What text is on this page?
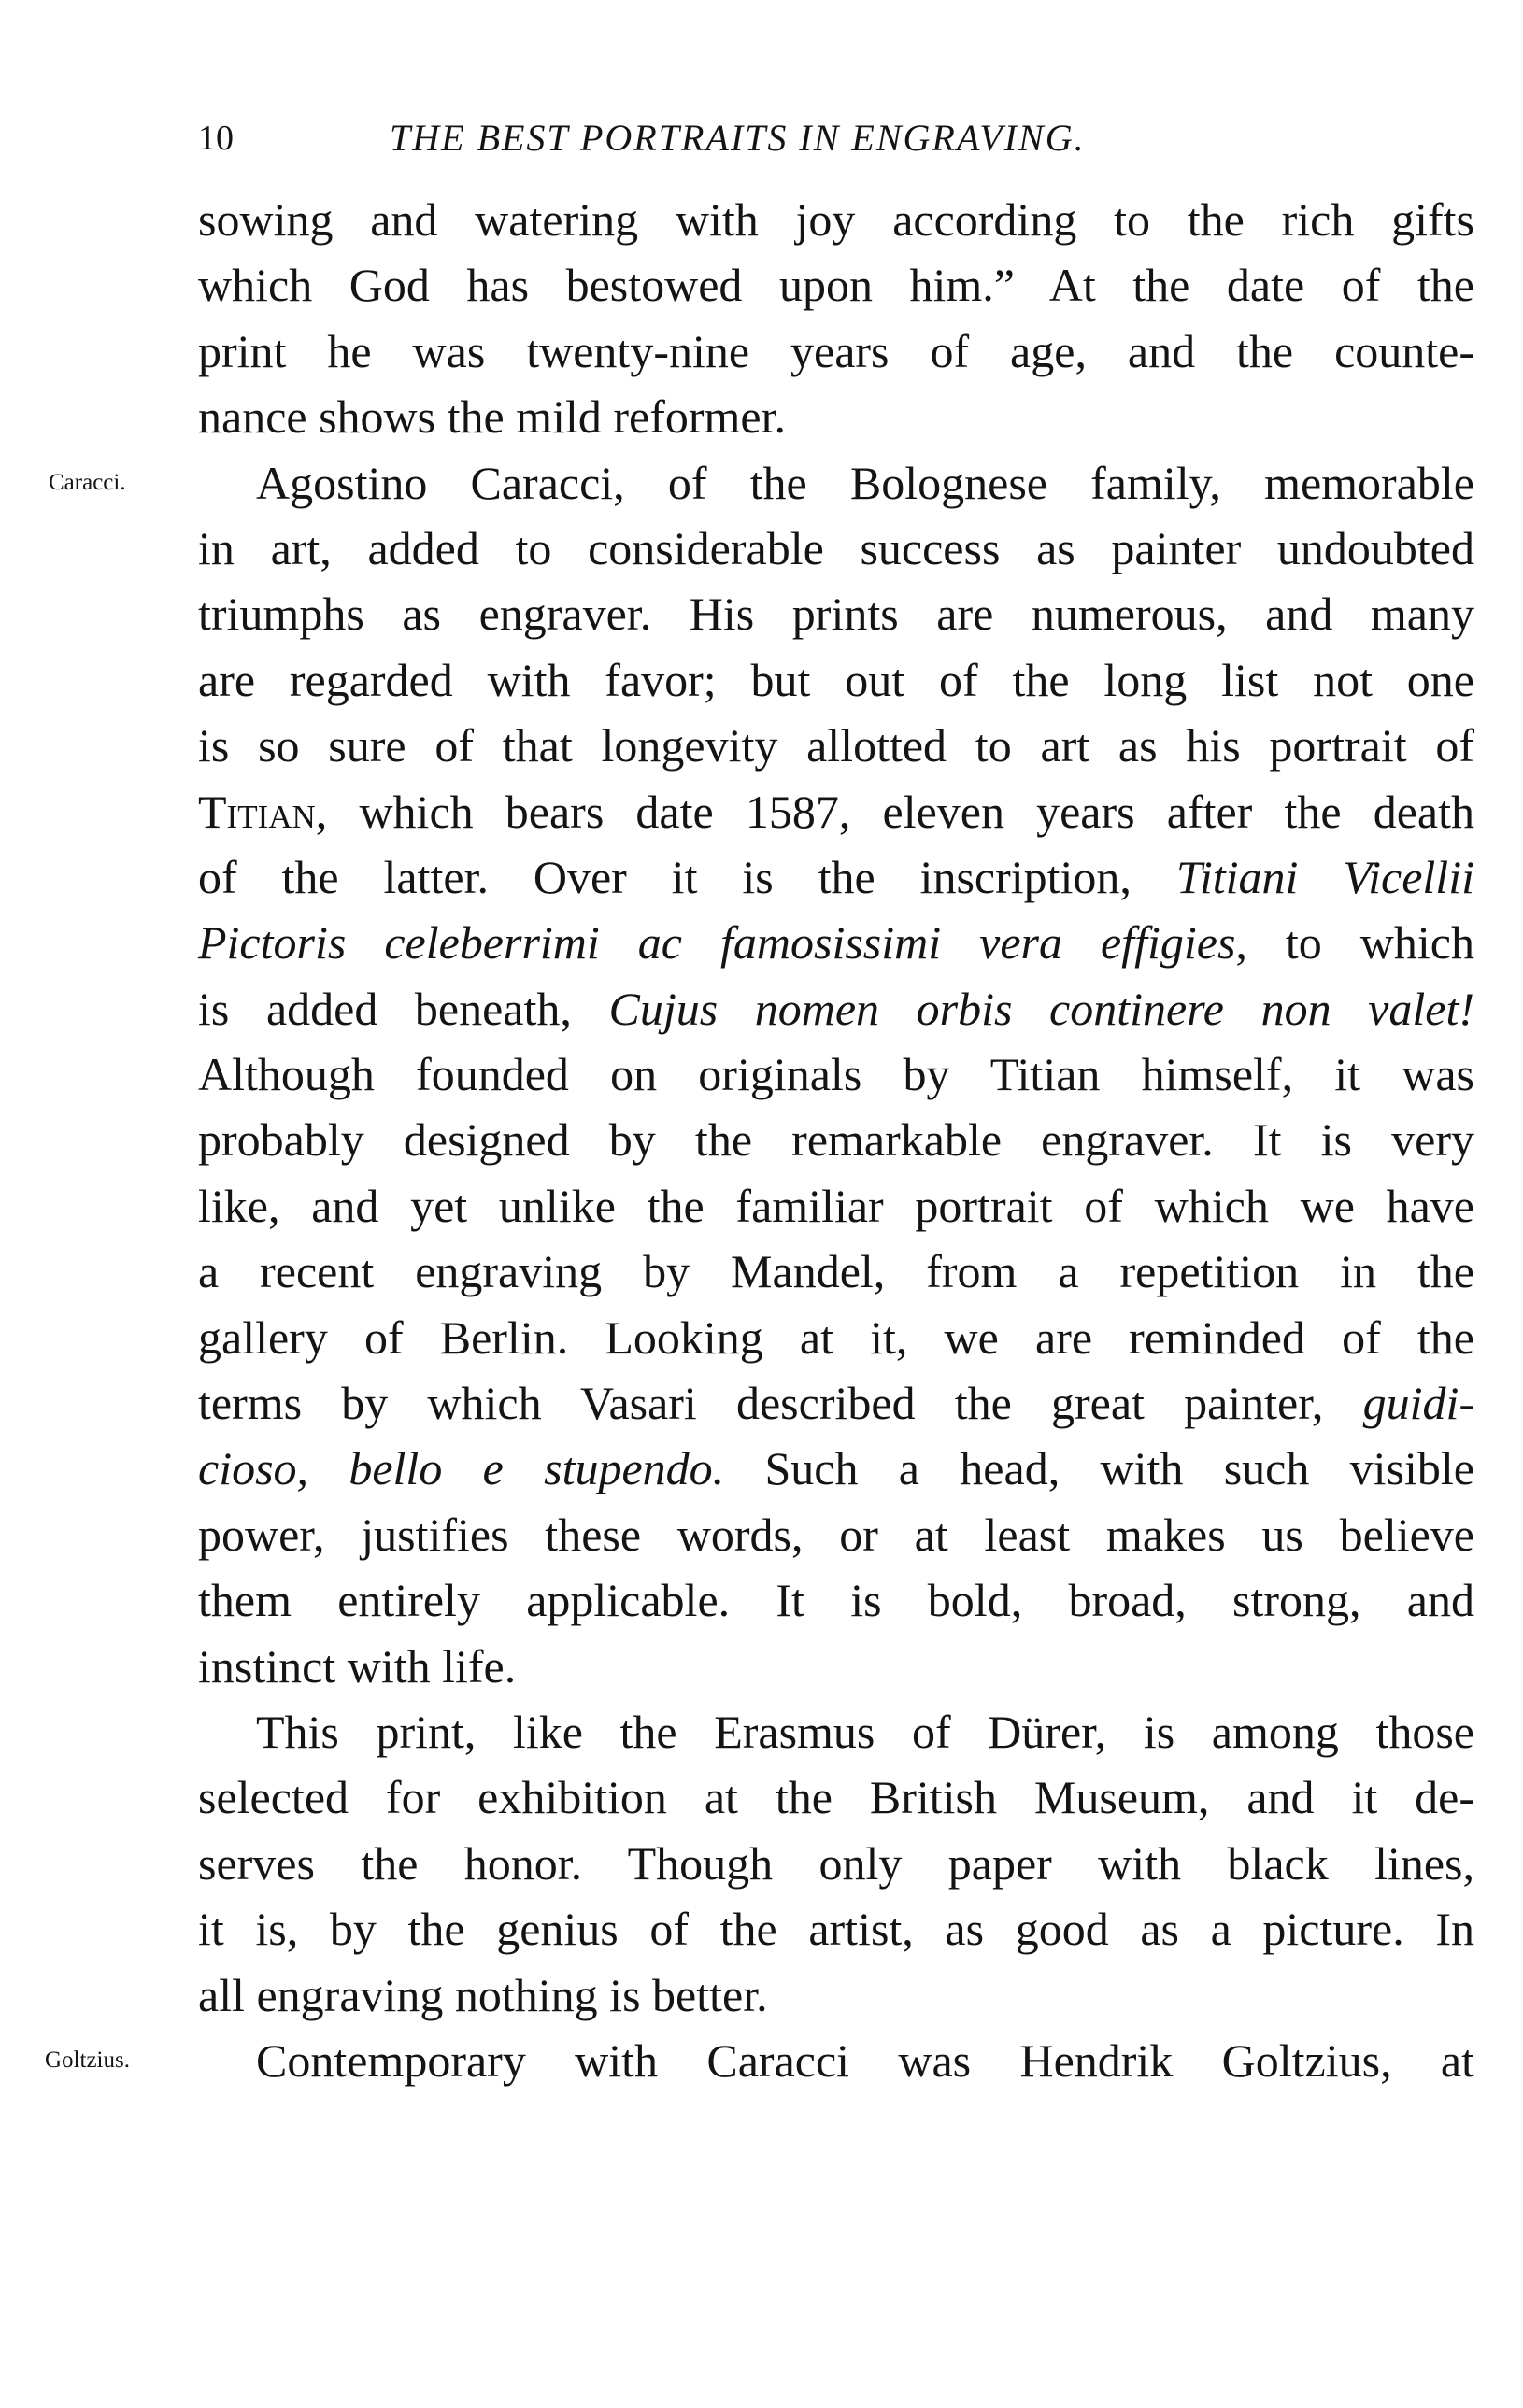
10	THE BEST PORTRAITS IN ENGRAVING.
sowing and watering with joy according to the rich gifts
which God has bestowed upon him.” At the date of the
print he was twenty-nine years of age, and the counte-
nance shows the mild reformer.
Caracci.	Agostino Caracci, of the Bolognese family, memorable
in art, added to considerable success as painter undoubted
triumphs as engraver. His prints are numerous, and many
are regarded with favor; but out of the long list not one
is so sure of that longevity allotted to art as his portrait of
Titian, which bears date 1587, eleven years after the death
of the latter. Over it is the inscription, Titiani Vicellii
Pictoris celeberrimi ac famosissimi vera effigies, to which
is added beneath, Cujus nomen orbis continere non valet!
Although founded on originals by Titian himself, it was
probably designed by the remarkable engraver. It is very
like, and yet unlike the familiar portrait of which we have
a recent engraving by Mandel, from a repetition in the
gallery of Berlin. Looking at it, we are reminded of the
terms by which Vasari described the great painter, guidi-
cioso, bello e stupendo. Such a head, with such visible
power, justifies these words, or at least makes us believe
them entirely applicable. It is bold, broad, strong, and
instinct with life.
This print, like the Erasmus of Dürer, is among those
selected for exhibition at the British Museum, and it de-
serves the honor. Though only paper with black lines,
it is, by the genius of the artist, as good as a picture. In
all engraving nothing is better.
Goltzius.	Contemporary with Caracci was Hendrik Goltzius, at
